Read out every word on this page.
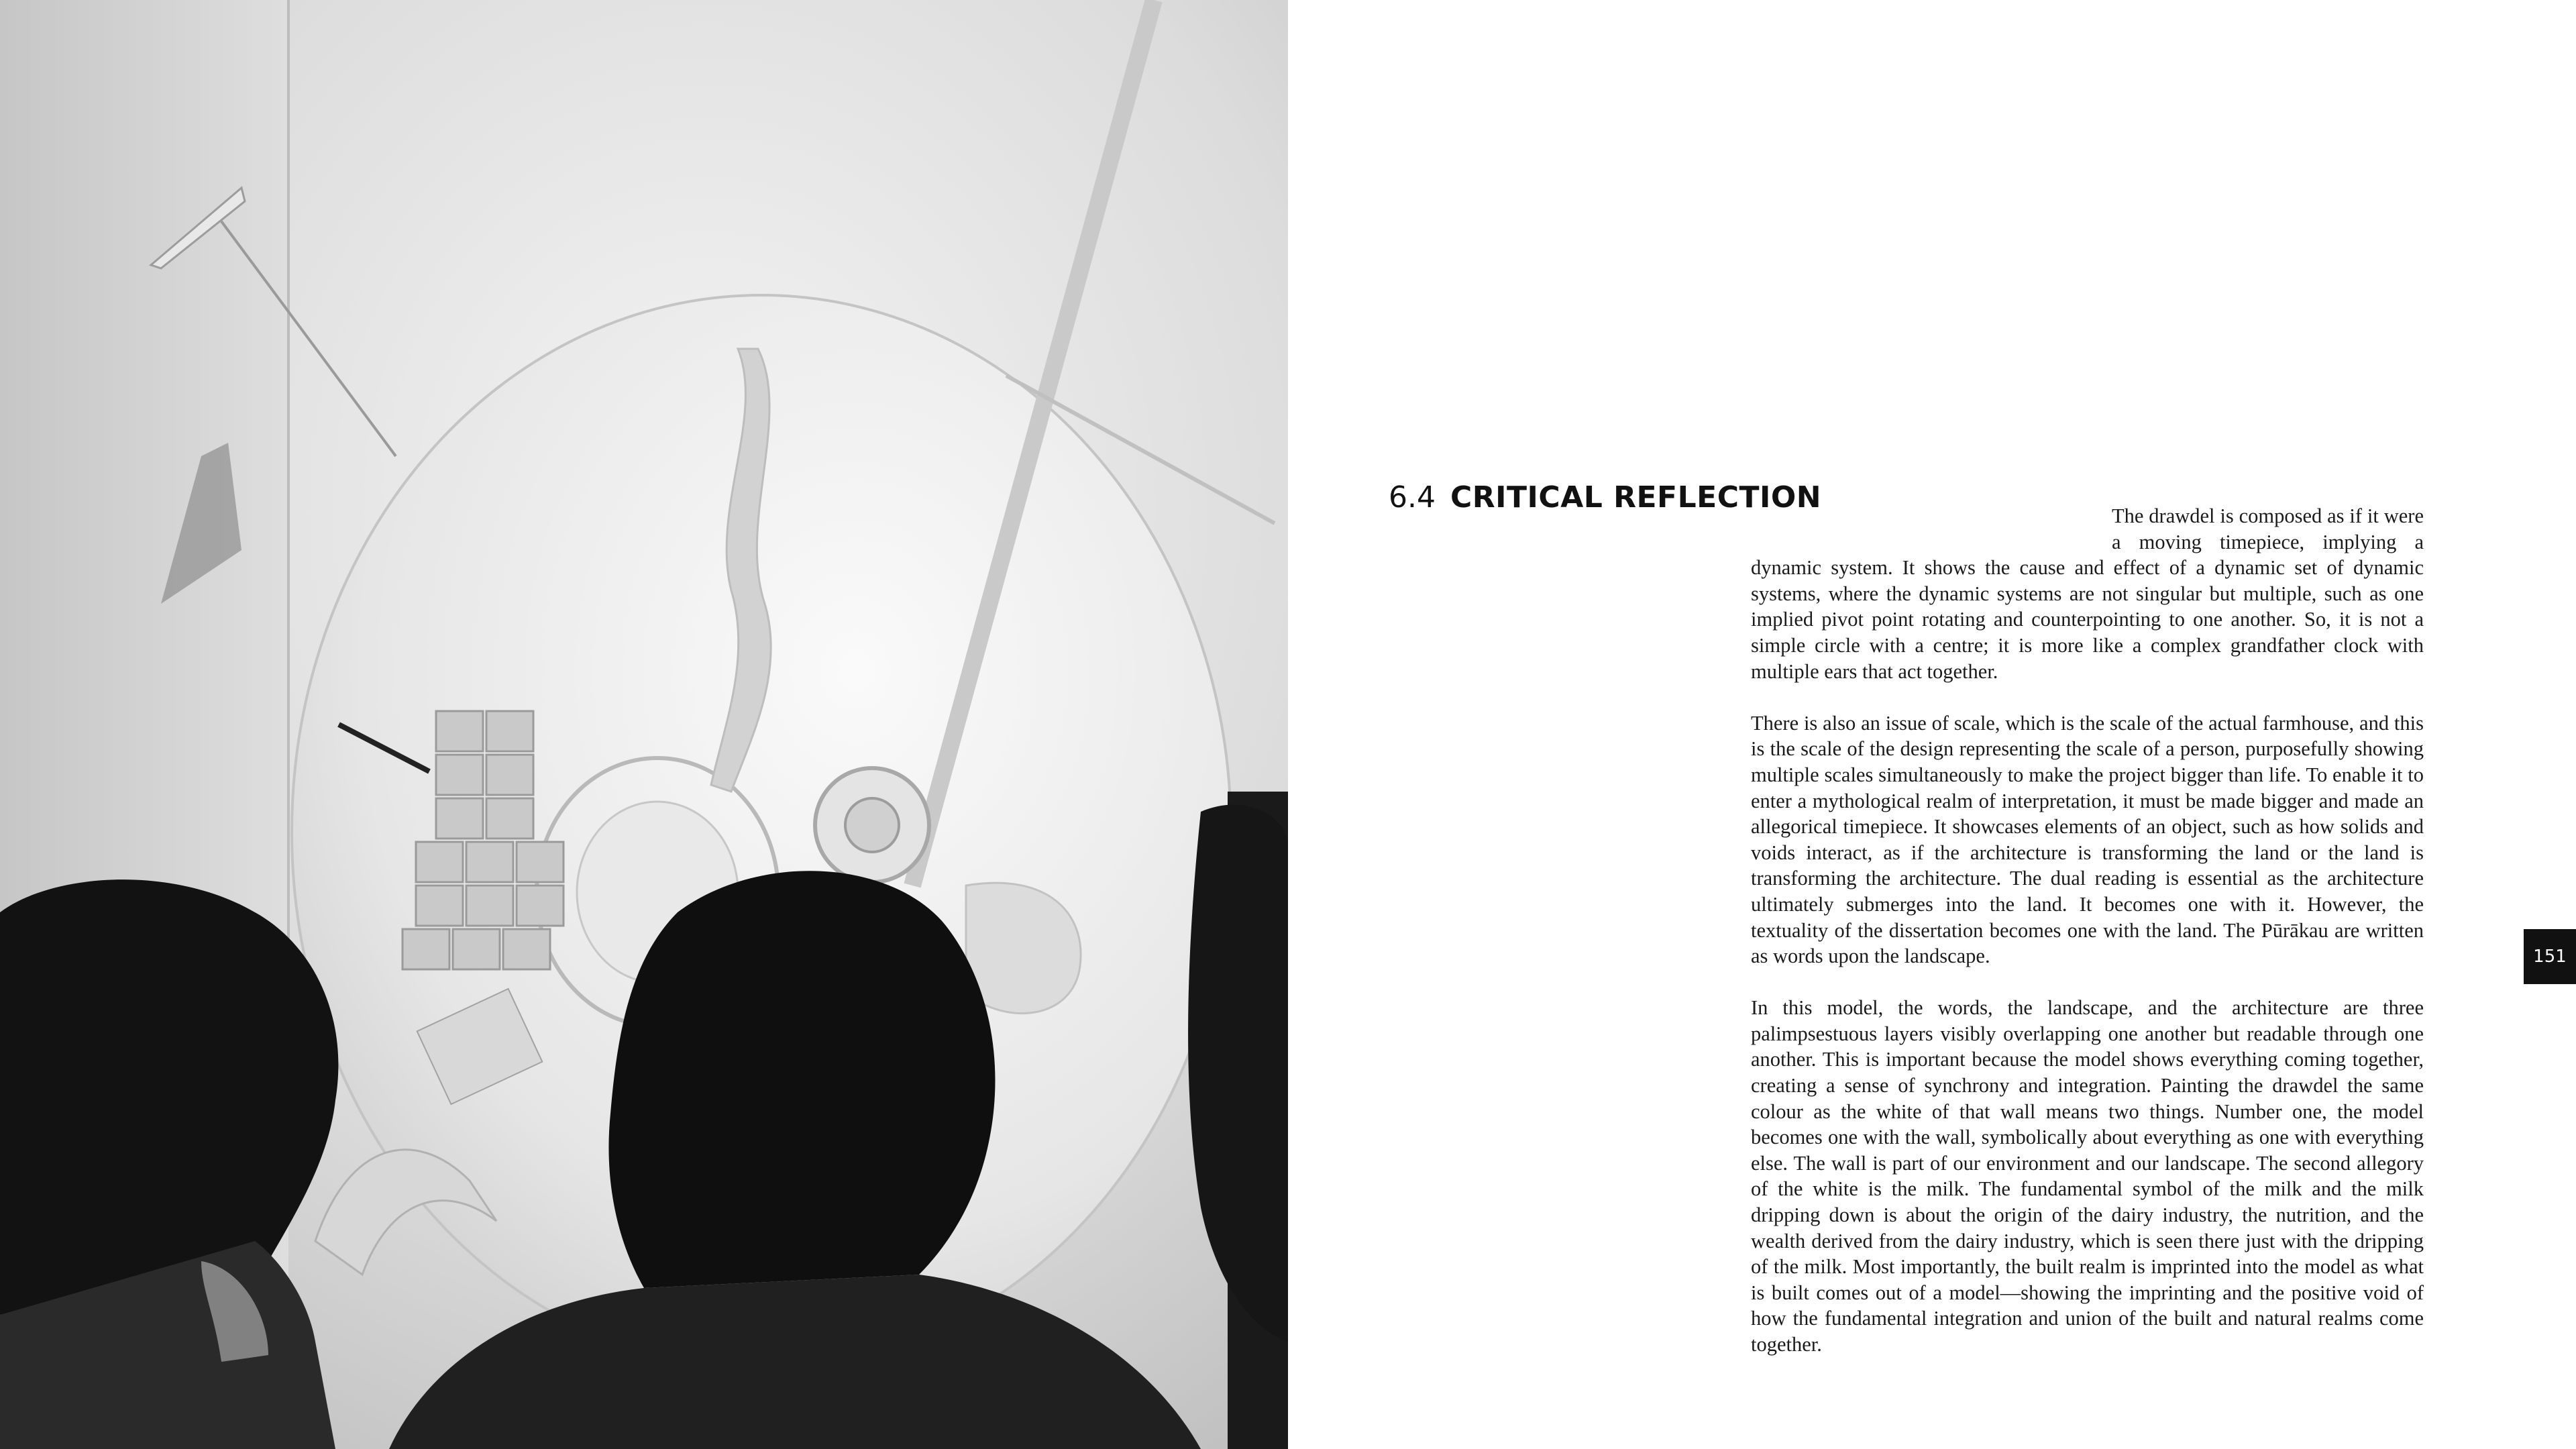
6.4 CRITICAL REFLECTION

The drawdel is composed as if it were a moving timepiece, implying a dynamic system. It shows the cause and effect of a dynamic set of dynamic systems, where the dynamic systems are not singular but multiple, such as one implied pivot point rotating and counterpointing to one another. So, it is not a simple circle with a centre; it is more like a complex grandfather clock with multiple ears that act together.

There is also an issue of scale, which is the scale of the actual farmhouse, and this is the scale of the design representing the scale of a person, purposefully showing multiple scales simultaneously to make the project bigger than life. To enable it to enter a mythological realm of interpretation, it must be made bigger and made an allegorical timepiece. It showcases elements of an object, such as how solids and voids interact, as if the architecture is transforming the land or the land is transforming the architecture. The dual reading is essential as the architecture ultimately submerges into the land. It becomes one with it. However, the textuality of the dissertation becomes one with the land. The Pūrākau are written as words upon the landscape.

In this model, the words, the landscape, and the architecture are three palimpsestuous layers visibly overlapping one another but readable through one another. This is important because the model shows everything coming together, creating a sense of synchrony and integration. Painting the drawdel the same colour as the white of that wall means two things. Number one, the model becomes one with the wall, symbolically about everything as one with everything else. The wall is part of our environment and our landscape. The second allegory of the white is the milk. The fundamental symbol of the milk and the milk dripping down is about the origin of the dairy industry, the nutrition, and the wealth derived from the dairy industry, which is seen there just with the dripping of the milk. Most importantly, the built realm is imprinted into the model as what is built comes out of a model—showing the imprinting and the positive void of how the fundamental integration and union of the built and natural realms come together.

151
